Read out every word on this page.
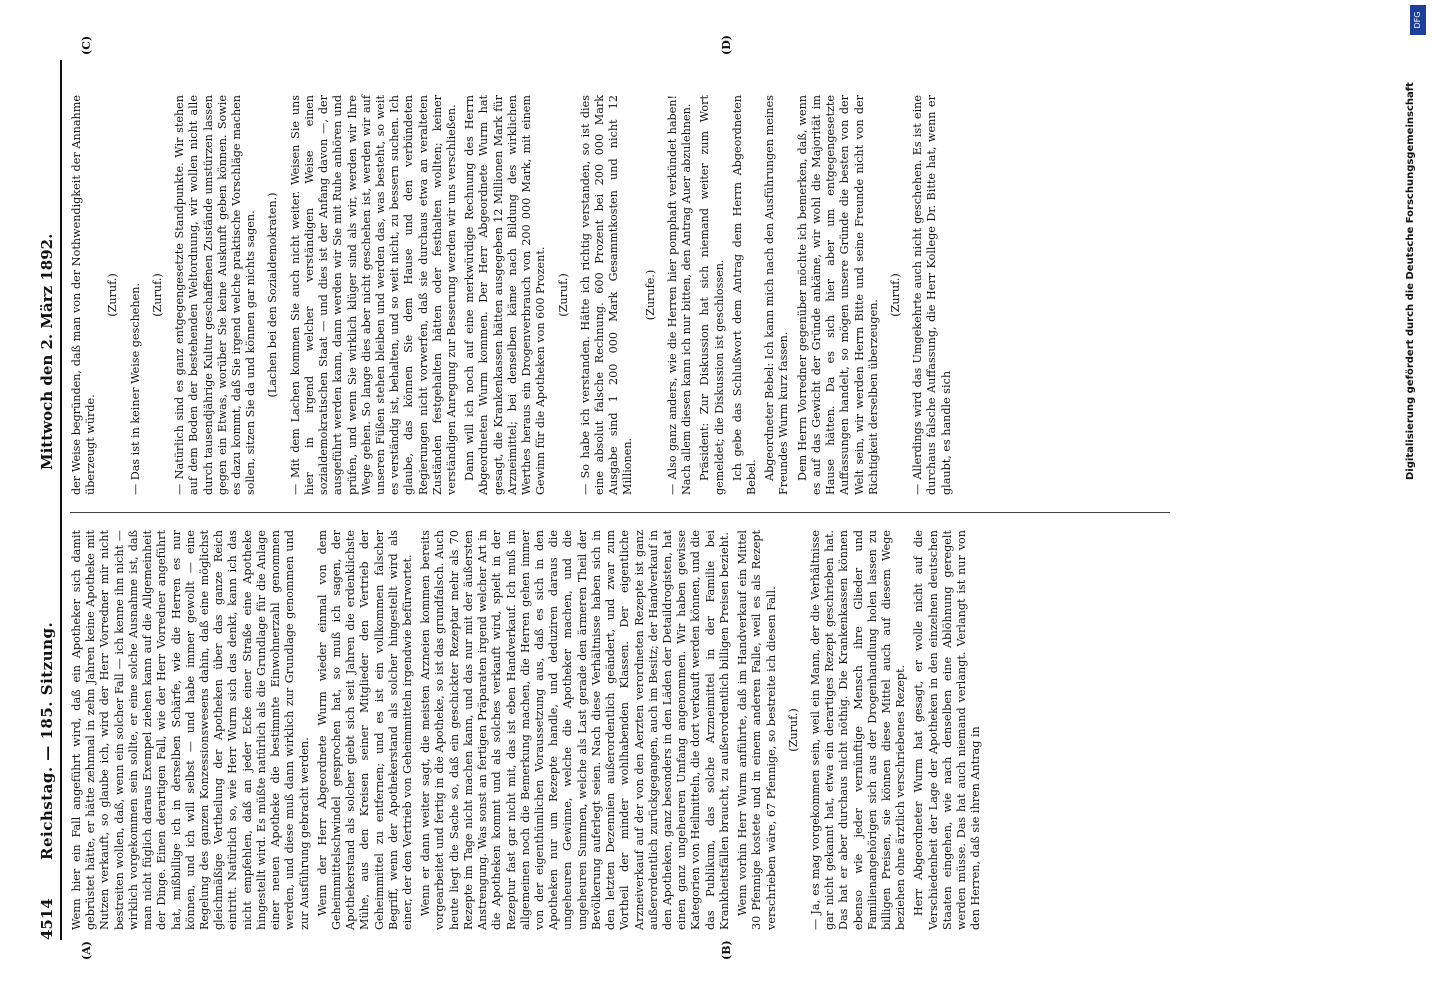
4514
Reichstag. — 185. Sitzung.
Mittwoch den 2. März 1892.
(A)	(B)
(C)	(D)

Wenn hier ein Fall angeführt wird, daß ein Apotheker sich damit gebrüstet hätte, er hätte zehnmal in zehn Jahren keine Apotheke mit Nutzen verkauft, so glaube ich, wird der Herr Vorredner mir nicht bestreiten wollen, daß, wenn ein solcher Fall — ich kenne ihn nicht — wirklich vorgekommen sein sollte, er eine solche Ausnahme ist, daß man nicht füglich daraus Exempel ziehen kann auf die Allgemeinheit der Dinge. Einen derartigen Fall, wie der Herr Vorredner angeführt hat, mißbillige ich in derselben Schärfe, wie die Herren es nur können, und ich will selbst — und habe immer gewollt — eine Regelung des ganzen Konzessionswesens dahin, daß eine möglichst gleichmäßige Vertheilung der Apotheken über das ganze Reich eintritt. Natürlich so, wie Herr Wurm sich das denkt, kann ich das nicht empfehlen, daß an jeder Ecke einer Straße eine Apotheke hingestellt wird. Es müßte natürlich als die Grundlage für die Anlage einer neuen Apotheke die bestimmte Einwohnerzahl genommen werden, und diese muß dann wirklich zur Grundlage genommen und zur Ausführung gebracht werden. Wenn der Herr Abgeordnete Wurm wieder einmal von dem Geheimmittelschwindel gesprochen hat, so muß ich sagen, der Apothekerstand als solcher giebt sich seit Jahren die erdenklichste Mühe, aus den Kreisen seiner Mitglieder den Vertrieb der Geheimmittel zu entfernen; und es ist ein vollkommen falscher Begriff, wenn der Apothekerstand als solcher hingestellt wird als einer, der den Vertrieb von Geheimmitteln irgendwie befürwortet. Wenn er dann weiter sagt, die meisten Arzneien kommen bereits vorgearbeitet und fertig in die Apotheke, so ist das grundfalsch. Auch heute liegt die Sache so, daß ein geschickter Rezeptar mehr als 70 Rezepte im Tage nicht machen kann, und das nur mit der äußersten Anstrengung. Was sonst an fertigen Präparaten irgend welcher Art in die Apotheken kommt und als solches verkauft wird, spielt in der Rezeptur fast gar nicht mit, das ist eben Handverkauf. Ich muß im allgemeinen noch die Bemerkung machen, die Herren gehen immer von der eigenthümlichen Voraussetzung aus, daß es sich in den Apotheken nur um Rezepte handle, und deduziren daraus die ungeheuren Gewinne, welche die Apotheker machen, und die ungeheuren Summen, welche als Last gerade den ärmeren Theil der Bevölkerung auferlegt seien. Nach diese Verhältnisse haben sich in den letzten Dezennien außerordentlich geändert, und zwar zum Vortheil der minder wohlhabenden Klassen. Der eigentliche Arzneiverkauf auf der von den Aerzten verordneten Rezepte ist ganz außerordentlich zurückgegangen, auch im Besitz; der Handverkauf in den Apotheken, ganz besonders in den Läden der Detaildrogisten, hat einen ganz ungeheuren Umfang angenommen. Wir haben gewisse Kategorien von Heilmitteln, die dort verkauft werden können, und die das Publikum, das solche Arzneimittel in der Familie bei Krankheitsfällen braucht, zu außerordentlich billigen Preisen bezieht. Wenn vorhin Herr Wurm anführte, daß im Handverkauf ein Mittel 30 Pfennige kostete und in einem anderen Falle, weil es als Rezept verschrieben wäre, 67 Pfennige, so bestreite ich diesen Fall. (Zuruf.) — Ja, es mag vorgekommen sein, weil ein Mann, der die Verhältnisse gar nicht gekannt hat, etwa ein derartiges Rezept geschrieben hat. Das hat er aber durchaus nicht nöthig. Die Krankenkassen können ebenso wie jeder vernünftige Mensch ihre Glieder und Familienangehörigen sich aus der Drogenhandlung holen lassen zu billigen Preisen, sie können diese Mittel auch auf diesem Wege beziehen ohne ärztlich verschriebenes Rezept. Herr Abgeordneter Wurm hat gesagt, er wolle nicht auf die Verschiedenheit der Lage der Apotheken in den einzelnen deutschen Staaten eingehen, wie nach denselben eine Ablöhnung geregelt werden müsse. Das hat auch niemand verlangt. Verlangt ist nur von den Herren, daß sie ihren Antrag in

der Weise begründen, daß man von der Nothwendigkeit der Annahme überzeugt würde.

(Zuruf.) — Das ist in keiner Weise geschehen. (Zuruf.) — Natürlich sind es ganz entgegengesetzte Standpunkte. Wir stehen auf dem Boden der bestehenden Weltordnung, wir wollen nicht alle durch tausendjährige Kultur geschaffenen Zustände umstürzen lassen gegen ein Etwas, worüber Sie keine Auskunft geben können. Sowie es dazu kommt, daß Sie irgend welche praktische Vorschläge machen sollen, sitzen Sie da und können gar nichts sagen. (Lachen bei den Sozialdemokraten.) — Mit dem Lachen kommen Sie auch nicht weiter. Weisen Sie uns hier in irgend welcher verständigen Weise einen sozialdemokratischen Staat — und dies ist der Anfang davon —, der ausgeführt werden kann, dann werden wir Sie mit Ruhe anhören und prüfen, und wenn Sie wirklich klüger sind als wir, werden wir Ihre Wege gehen. So lange dies aber nicht geschehen ist, werden wir auf unseren Füßen stehen bleiben und werden das, was besteht, so weit es verständig ist, behalten, und so weit nicht, zu bessern suchen. Ich glaube, das können Sie dem Hause und den verbündeten Regierungen nicht vorwerfen, daß sie durchaus etwa an veralteten Zuständen festgehalten hätten oder festhalten wollten; keiner verständigen Anregung zur Besserung werden wir uns verschließen. Dann will ich noch auf eine merkwürdige Rechnung des Herrn Abgeordneten Wurm kommen. Der Herr Abgeordnete Wurm hat gesagt, die Krankenkassen hätten ausgegeben 12 Millionen Mark für Arzneimittel; bei denselben käme nach Bildung des wirklichen Werthes heraus ein Drogenverbrauch von 200 000 Mark, mit einem Gewinn für die Apotheken von 600 Prozent. (Zuruf.) — So habe ich verstanden. Hätte ich richtig verstanden, so ist dies eine absolut falsche Rechnung. 600 Prozent bei 200 000 Mark Ausgabe sind 1 200 000 Mark Gesammtkosten und nicht 12 Millionen.

(Zurufe.) — Also ganz anders, wie die Herren hier pomphaft verkündet haben! Nach allem diesen kann ich nur bitten, den Antrag Auer abzulehnen. Präsident: Zur Diskussion hat sich niemand weiter zum Wort gemeldet; die Diskussion ist geschlossen. Ich gebe das Schlußwort dem Antrag dem Herrn Abgeordneten Bebel. Abgeordneter Bebel: Ich kann mich nach den Ausführungen meines Freundes Wurm kurz fassen. Dem Herrn Vorredner gegenüber möchte ich bemerken, daß, wenn es auf das Gewicht der Gründe ankäme, wir wohl die Majorität im Hause hätten. Da es sich hier aber um entgegengesetzte Auffassungen handelt, so mögen unsere Gründe die besten von der Welt sein, wir werden Herrn Bitte und seine Freunde nicht von der Richtigkeit derselben überzeugen.

(Zuruf.) — Allerdings wird das Umgekehrte auch nicht geschehen. Es ist eine durchaus falsche Auffassung, die Herr Kollege Dr. Bitte hat, wenn er glaubt, es handle sich	Digitalisierung gefördert durch die Deutsche Forschungsgemeinschaft
DFG
